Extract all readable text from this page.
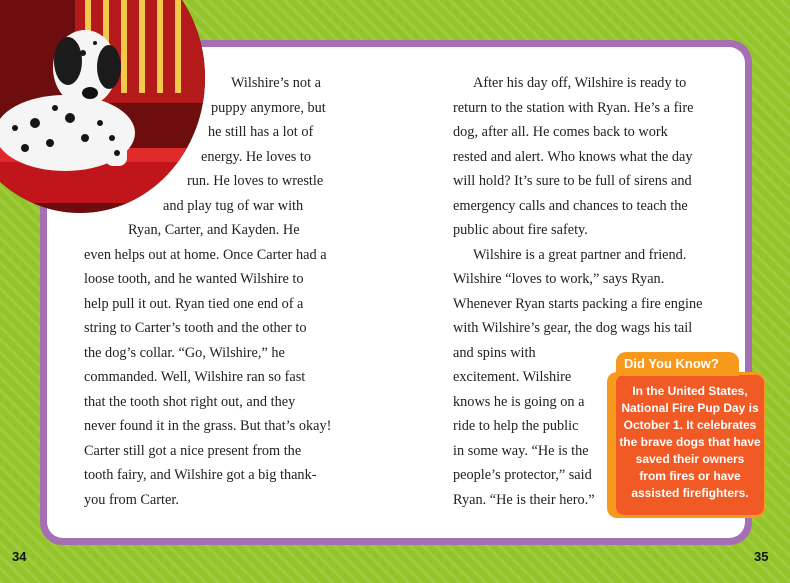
Wilshire’s not a
puppy anymore, but
he still has a lot of
energy. He loves to
run. He loves to wrestle
and play tug of war with
Ryan, Carter, and Kayden. He
even helps out at home. Once Carter had a
loose tooth, and he wanted Wilshire to
help pull it out. Ryan tied one end of a
string to Carter’s tooth and the other to
the dog’s collar. “Go, Wilshire,” he
commanded. Well, Wilshire ran so fast
that the tooth shot right out, and they
never found it in the grass. But that’s okay!
Carter still got a nice present from the
tooth fairy, and Wilshire got a big thank-
you from Carter.
After his day off, Wilshire is ready to
return to the station with Ryan. He’s a fire
dog, after all. He comes back to work
rested and alert. Who knows what the day
will hold? It’s sure to be full of sirens and
emergency calls and chances to teach the
public about fire safety.
Wilshire is a great partner and friend.
Wilshire “loves to work,” says Ryan.
Whenever Ryan starts packing a fire engine
with Wilshire’s gear, the dog wags his tail
and spins with
excitement. Wilshire
knows he is going on a
ride to help the public
in some way. “He is the
people’s protector,” said
Ryan. “He is their hero.”
In the United States,
National Fire Pup Day is
October 1. It celebrates
the brave dogs that have
saved their owners
from fires or have
assisted firefighters.
Did You Know?
34	35
